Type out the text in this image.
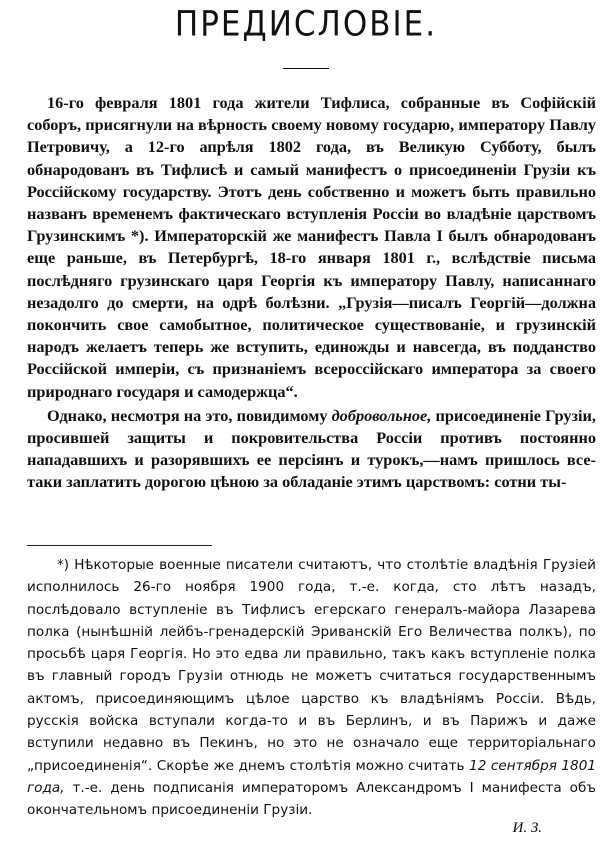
ПРЕДИСЛОВІЕ.

16-го февраля 1801 года жители Тифлиса, собранные въ Софійскій соборъ, присягнули на вѣрность своему новому государю, императору Павлу Петровичу, а 12-го апрѣля 1802 года, въ Великую Субботу, былъ обнародованъ въ Тифлисѣ и самый манифестъ о присоединеніи Грузіи къ Россійскому государству. Этотъ день собственно и можетъ быть правильно названъ временемъ фактическаго вступленія Россіи во владѣніе царствомъ Грузинскимъ *). Императорскій же манифестъ Павла I былъ обнародованъ еще раньше, въ Петербургѣ, 18-го января 1801 г., вслѣдствіе письма послѣдняго грузинскаго царя Георгія къ императору Павлу, написаннаго незадолго до смерти, на одрѣ болѣзни. „Грузія—писалъ Георгій—должна покончить свое самобытное, политическое существованіе, и грузинскій народъ желаетъ теперь же вступить, единожды и навсегда, въ подданство Россійской имперіи, съ признаніемъ всероссійскаго императора за своего природнаго государя и самодержца“.

Однако, несмотря на это, повидимому добровольное, присоединеніе Грузіи, просившей защиты и покровительства Россіи противъ постоянно нападавшихъ и разорявшихъ ее персіянъ и турокъ,—намъ пришлось все-таки заплатить дорогою цѣною за обладаніе этимъ царствомъ: сотни ты-

*) Нѣкоторые военные писатели считаютъ, что столѣтіе владѣнія Грузіей исполнилось 26-го ноября 1900 года, т.-е. когда, сто лѣтъ назадъ, послѣдовало вступленіе въ Тифлисъ егерскаго генералъ-майора Лазарева полка (нынѣшній лейбъ-гренадерскій Эриванскій Его Величества полкъ), по просьбѣ царя Георгія. Но это едва ли правильно, такъ какъ вступленіе полка въ главный городъ Грузіи отнюдь не можетъ считаться государственнымъ актомъ, присоединяющимъ цѣлое царство къ владѣніямъ Россіи. Вѣдь, русскія войска вступали когда-то и въ Берлинъ, и въ Парижъ и даже вступили недавно въ Пекинъ, но это не означало еще территоріальнаго „присоединенія“. Скорѣе же днемъ столѣтія можно считать 12 сентября 1801 года, т.-е. день подписанія императоромъ Александромъ I манифеста объ окончательномъ присоединеніи Грузіи.

И. З.
